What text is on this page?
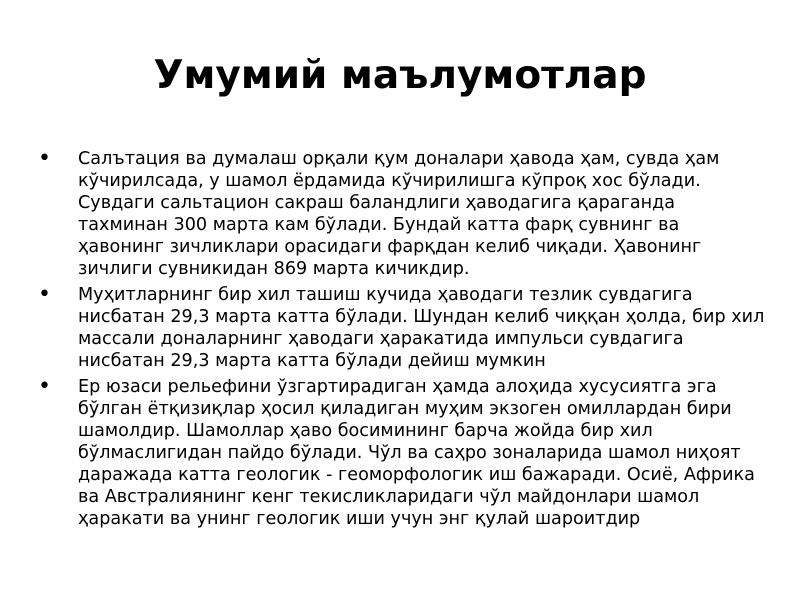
Умумий маълумотлар
• Салътация ва думалаш орқали қум доналари ҳавода ҳам, сувда ҳам кўчирилсада, у шамол ёрдамида кўчирилишга кўпроқ хос бўлади. Сувдаги сальтацион сакраш баландлиги ҳаводагига қараганда тахминан 300 марта кам бўлади. Бундай катта фарқ сувнинг ва ҳавонинг зичликлари орасидаги фарқдан келиб чиқади. Ҳавонинг зичлиги сувникидан 869 марта кичикдир.
• Муҳитларнинг бир хил ташиш кучида ҳаводаги тезлик сувдагига нисбатан 29,3 марта катта бўлади. Шундан келиб чиққан ҳолда, бир хил массали доналарнинг ҳаводаги ҳаракатида импульси сувдагига нисбатан 29,3 марта катта бўлади дейиш мумкин
• Ер юзаси рельефини ўзгартирадиган ҳамда алоҳида хусусиятга эга бўлган ётқизиқлар ҳосил қиладиган муҳим экзоген омиллардан бири шамолдир. Шамоллар ҳаво босимининг барча жойда бир хил бўлмаслигидан пайдо бўлади. Чўл ва саҳро зоналарида шамол ниҳоят даражада катта геологик - геоморфологик иш бажаради. Осиё, Африка ва Австралиянинг кенг текисликларидаги чўл майдонлари шамол ҳаракати ва унинг геологик иши учун энг қулай шароитдир
